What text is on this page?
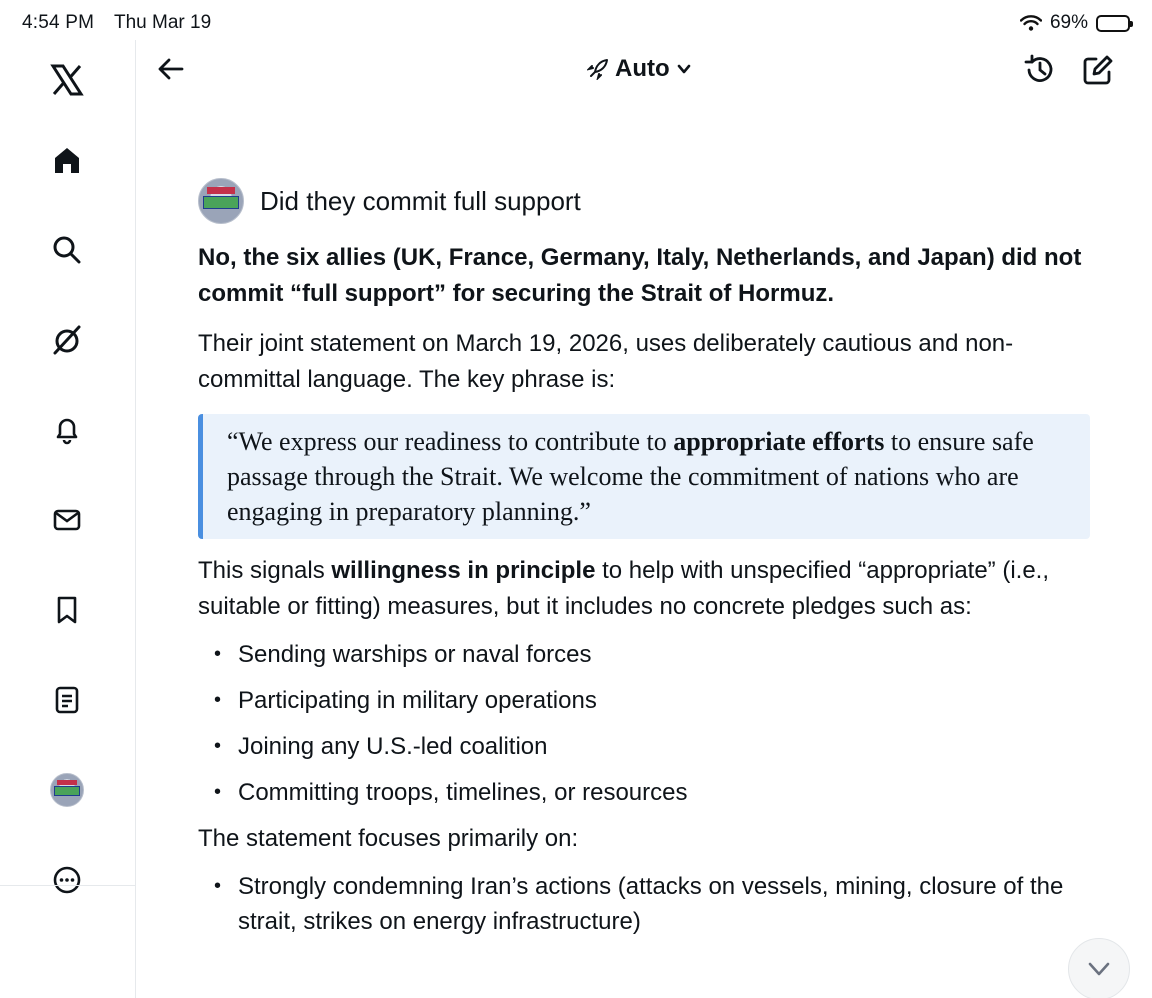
4:54 PM Thu Mar 19	69%
Auto
Did they commit full support
No, the six allies (UK, France, Germany, Italy, Netherlands, and Japan) did not commit “full support” for securing the Strait of Hormuz.
Their joint statement on March 19, 2026, uses deliberately cautious and non-committal language. The key phrase is:
“We express our readiness to contribute to appropriate efforts to ensure safe passage through the Strait. We welcome the commitment of nations who are engaging in preparatory planning.”
This signals willingness in principle to help with unspecified “appropriate” (i.e., suitable or fitting) measures, but it includes no concrete pledges such as:
• Sending warships or naval forces
• Participating in military operations
• Joining any U.S.-led coalition
• Committing troops, timelines, or resources
The statement focuses primarily on:
• Strongly condemning Iran’s actions (attacks on vessels, mining, closure of the strait, strikes on energy infrastructure)
